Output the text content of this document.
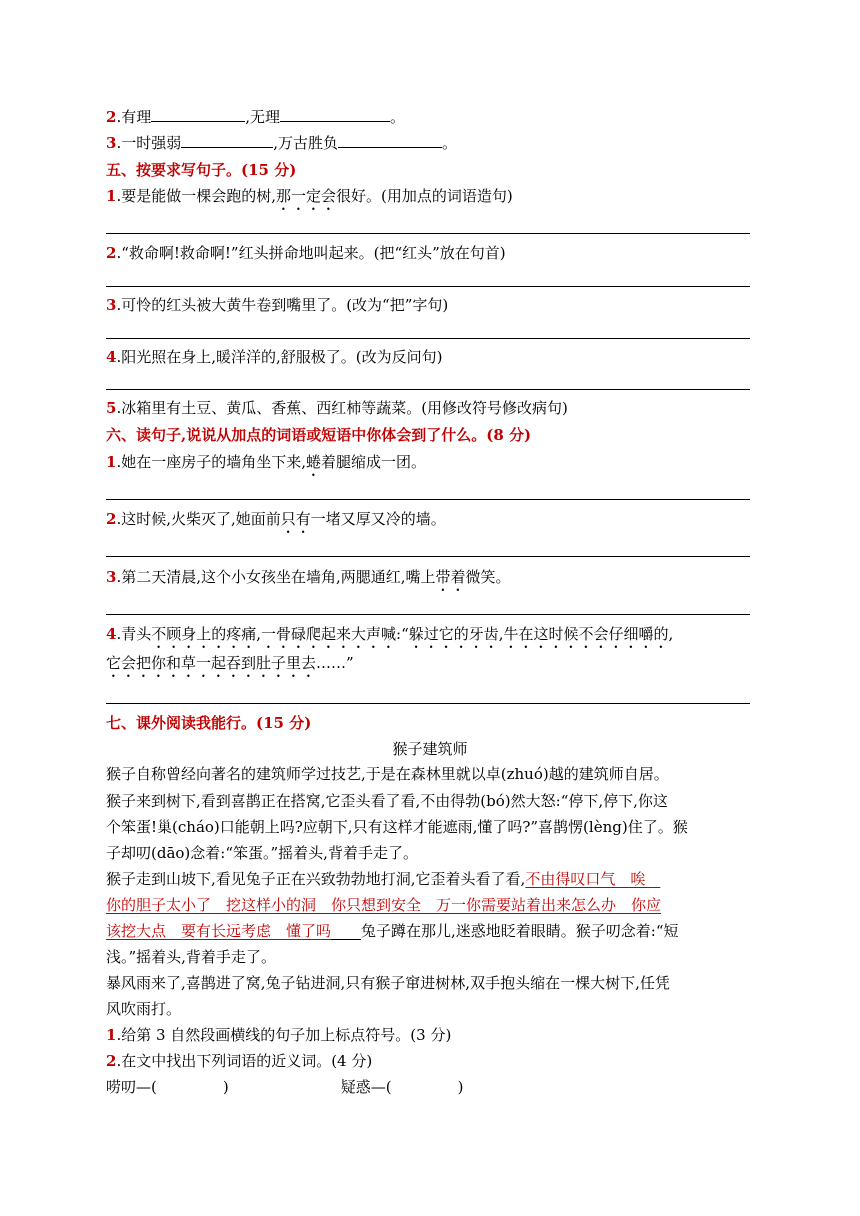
2.有理	,无理	。
3.一时强弱	,万古胜负	。
五、按要求写句子。(15 分)
1.要是能做一棵会跑的树,那一定会很好。(用加点的词语造句)
2.“救命啊!救命啊!”红头拼命地叫起来。(把“红头”放在句首)
3.可怜的红头被大黄牛卷到嘴里了。(改为“把”字句)
4.阳光照在身上,暖洋洋的,舒服极了。(改为反问句)
5.冰箱里有土豆、黄瓜、香蕉、西红柿等蔬菜。(用修改符号修改病句)
六、读句子,说说从加点的词语或短语中你体会到了什么。(8 分)
1.她在一座房子的墙角坐下来,蜷着腿缩成一团。
2.这时候,火柴灭了,她面前只有一堵又厚又冷的墙。
3.第二天清晨,这个小女孩坐在墙角,两腮通红,嘴上带着微笑。
4.青头不顾身上的疼痛,一骨碌爬起来大声喊:“躲过它的牙齿,牛在这时候不会仔细嚼的,
它会把你和草一起吞到肚子里去……”
七、课外阅读我能行。(15 分)
猴子建筑师
猴子自称曾经向著名的建筑师学过技艺,于是在森林里就以卓(zhuó)越的建筑师自居。
猴子来到树下,看到喜鹊正在搭窝,它歪头看了看,不由得勃(bó)然大怒:“停下,停下,你这
个笨蛋!巢(cháo)口能朝上吗?应朝下,只有这样才能遮雨,懂了吗?”喜鹊愣(lèng)住了。猴
子却叨(dāo)念着:“笨蛋。”摇着头,背着手走了。
猴子走到山坡下,看见兔子正在兴致勃勃地打洞,它歪着头看了看,不由得叹口气　唉　
你的胆子太小了　挖这样小的洞　你只想到安全　万一你需要站着出来怎么办　你应
该挖大点　要有长远考虑　懂了吗　　 兔子蹲在那儿,迷惑地眨着眼睛。猴子叨念着:“短
浅。”摇着头,背着手走了。
暴风雨来了,喜鹊进了窝,兔子钻进洞,只有猴子窜进树林,双手抱头缩在一棵大树下,任凭
风吹雨打。
1.给第 3 自然段画横线的句子加上标点符号。(3 分)
2.在文中找出下列词语的近义词。(4 分)
唠叨—(	)	疑惑—(	)
